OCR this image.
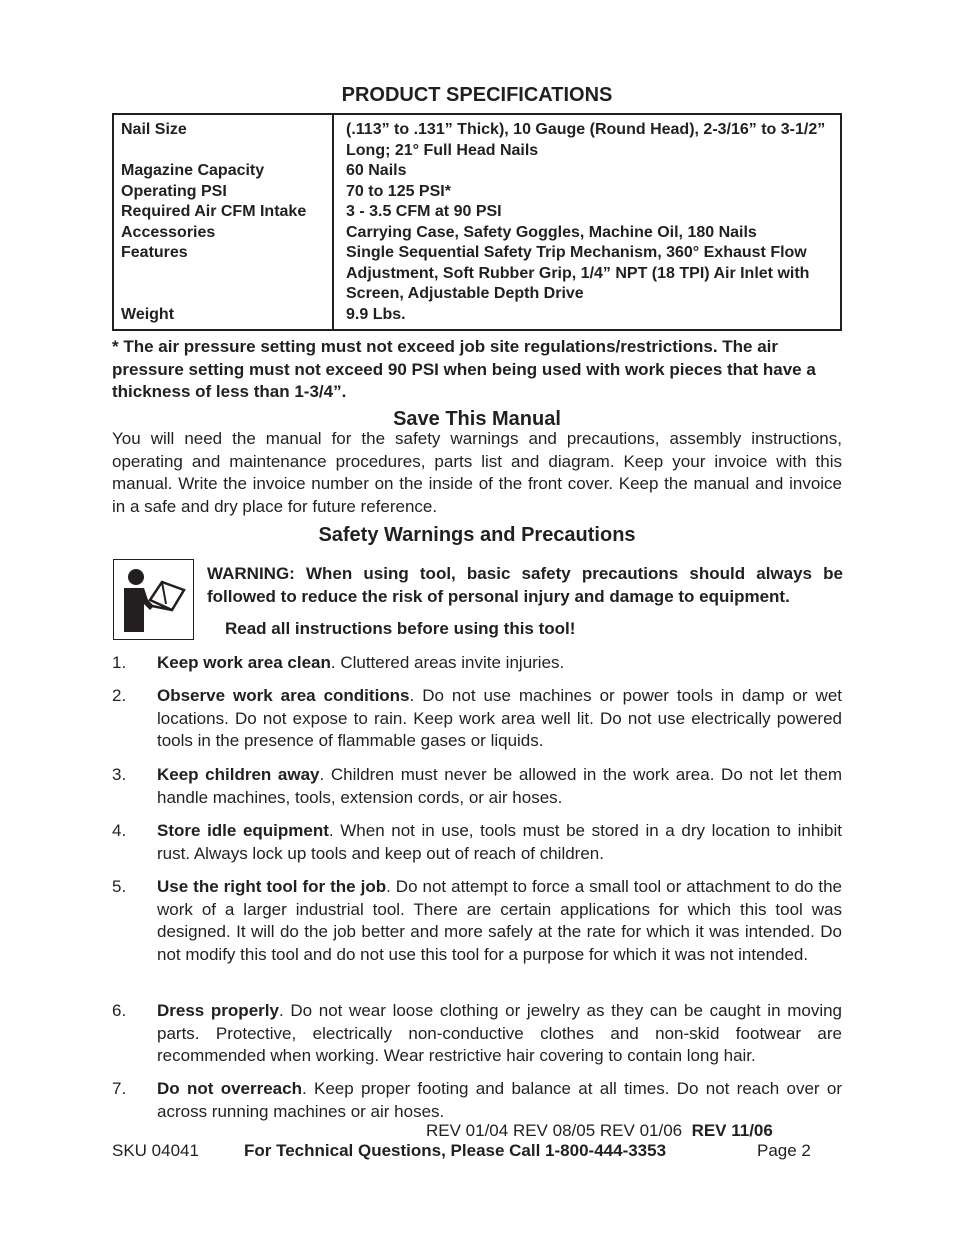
PRODUCT SPECIFICATIONS
Nail Size	(.113” to .131” Thick), 10 Gauge (Round Head), 2-3/16” to 3-1/2” Long; 21° Full Head Nails
Magazine Capacity	60 Nails
Operating PSI	70 to 125 PSI*
Required Air CFM Intake	3 - 3.5 CFM at 90 PSI
Accessories	Carrying Case, Safety Goggles, Machine Oil, 180 Nails
Features	Single Sequential Safety Trip Mechanism, 360° Exhaust Flow Adjustment, Soft Rubber Grip, 1/4” NPT (18 TPI) Air Inlet with Screen, Adjustable Depth Drive
Weight	9.9 Lbs.
* The air pressure setting must not exceed job site regulations/restrictions. The air pressure setting must not exceed 90 PSI when being used with work pieces that have a thickness of less than 1-3/4”.
Save This Manual
You will need the manual for the safety warnings and precautions, assembly instructions, operating and maintenance procedures, parts list and diagram. Keep your invoice with this manual. Write the invoice number on the inside of the front cover. Keep the manual and invoice in a safe and dry place for future reference.
Safety Warnings and Precautions
WARNING: When using tool, basic safety precautions should always be followed to reduce the risk of personal injury and damage to equipment.
Read all instructions before using this tool!
1.	Keep work area clean. Cluttered areas invite injuries.
2.	Observe work area conditions. Do not use machines or power tools in damp or wet locations. Do not expose to rain. Keep work area well lit. Do not use electrically powered tools in the presence of flammable gases or liquids.
3.	Keep children away. Children must never be allowed in the work area. Do not let them handle machines, tools, extension cords, or air hoses.
4.	Store idle equipment. When not in use, tools must be stored in a dry location to inhibit rust. Always lock up tools and keep out of reach of children.
5.	Use the right tool for the job. Do not attempt to force a small tool or attachment to do the work of a larger industrial tool. There are certain applications for which this tool was designed. It will do the job better and more safely at the rate for which it was intended. Do not modify this tool and do not use this tool for a purpose for which it was not intended.
6.	Dress properly. Do not wear loose clothing or jewelry as they can be caught in moving parts. Protective, electrically non-conductive clothes and non-skid footwear are recommended when working. Wear restrictive hair covering to contain long hair.
7.	Do not overreach. Keep proper footing and balance at all times. Do not reach over or across running machines or air hoses.
REV 01/04 REV 08/05 REV 01/06 REV 11/06
SKU 04041	For Technical Questions, Please Call 1-800-444-3353	Page 2
